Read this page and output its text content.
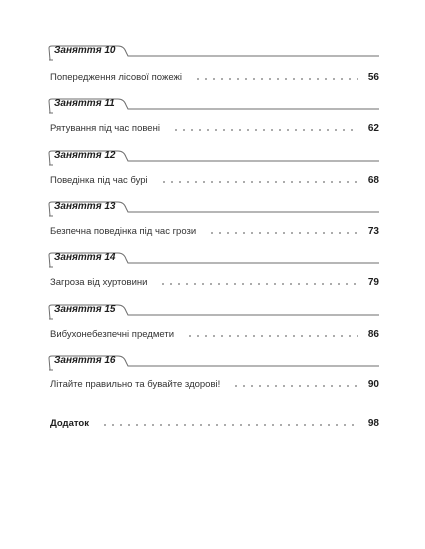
Заняття 10
Попередження лісової пожежі	56
Заняття 11
Рятування під час повені	62
Заняття 12
Поведінка під час бурі	68
Заняття 13
Безпечна поведінка під час грози	73
Заняття 14
Загроза від хуртовини	79
Заняття 15
Вибухонебезпечні предмети	86
Заняття 16
Літайте правильно та бувайте здорові!	90
Додаток	98
